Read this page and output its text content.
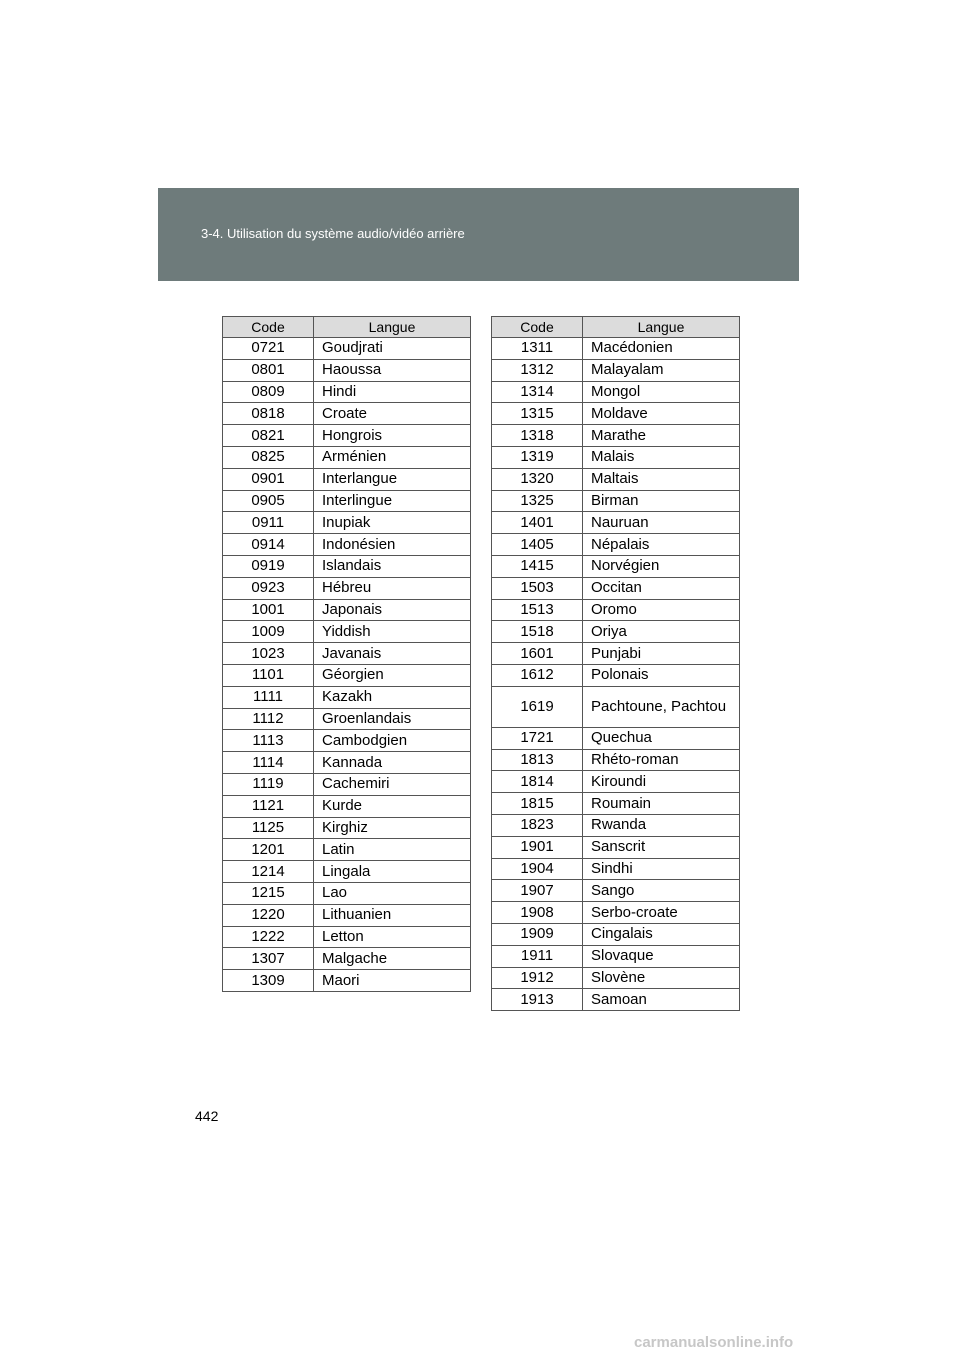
3-4. Utilisation du système audio/vidéo arrière
Code	Langue
0721	Goudjrati
0801	Haoussa
0809	Hindi
0818	Croate
0821	Hongrois
0825	Arménien
0901	Interlangue
0905	Interlingue
0911	Inupiak
0914	Indonésien
0919	Islandais
0923	Hébreu
1001	Japonais
1009	Yiddish
1023	Javanais
1101	Géorgien
1111	Kazakh
1112	Groenlandais
1113	Cambodgien
1114	Kannada
1119	Cachemiri
1121	Kurde
1125	Kirghiz
1201	Latin
1214	Lingala
1215	Lao
1220	Lithuanien
1222	Letton
1307	Malgache
1309	Maori
Code	Langue
1311	Macédonien
1312	Malayalam
1314	Mongol
1315	Moldave
1318	Marathe
1319	Malais
1320	Maltais
1325	Birman
1401	Nauruan
1405	Népalais
1415	Norvégien
1503	Occitan
1513	Oromo
1518	Oriya
1601	Punjabi
1612	Polonais
1619	Pachtoune, Pachtou
1721	Quechua
1813	Rhéto-roman
1814	Kiroundi
1815	Roumain
1823	Rwanda
1901	Sanscrit
1904	Sindhi
1907	Sango
1908	Serbo-croate
1909	Cingalais
1911	Slovaque
1912	Slovène
1913	Samoan
442
carmanualsonline.info
